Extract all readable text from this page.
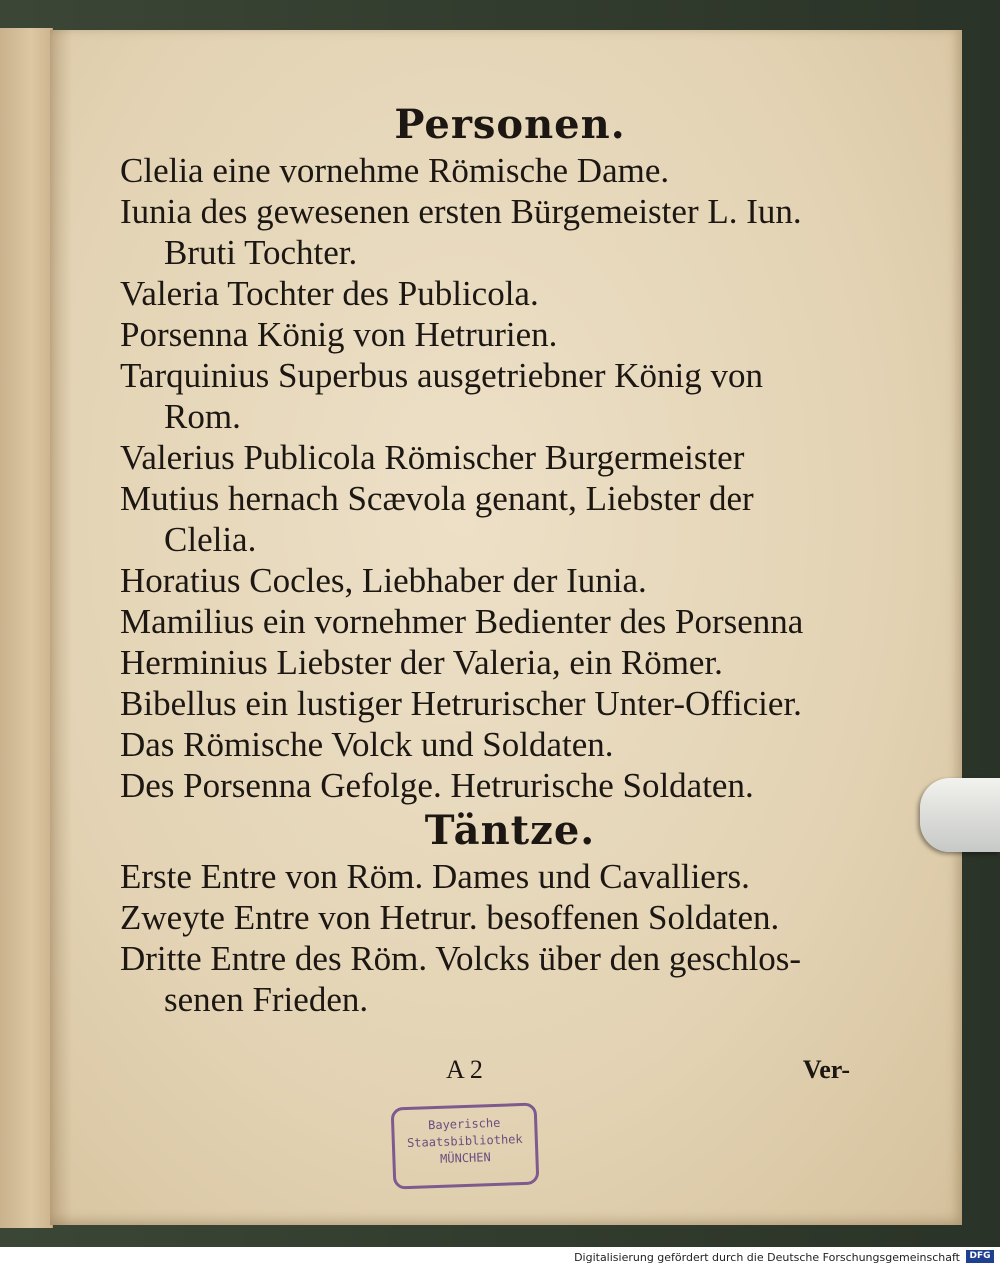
Personen.

Clelia eine vornehme Römische Dame.

Iunia des gewesenen ersten Bürgemeister L. Iun.

Bruti Tochter.

Valeria Tochter des Publicola.

Porsenna König von Hetrurien.

Tarquinius Superbus ausgetriebner König von

Rom.

Valerius Publicola Römischer Burgermeister

Mutius hernach Scævola genant, Liebster der

Clelia.

Horatius Cocles, Liebhaber der Iunia.

Mamilius ein vornehmer Bedienter des Porsenna

Herminius Liebster der Valeria, ein Römer.

Bibellus ein lustiger Hetrurischer Unter-Officier.

Das Römische Volck und Soldaten.

Des Porsenna Gefolge. Hetrurische Soldaten.

Täntze.

Erste Entre von Röm. Dames und Cavalliers.

Zweyte Entre von Hetrur. besoffenen Soldaten.

Dritte Entre des Röm. Volcks über den geschlos-

senen Frieden.

A 2	Ver-
Bayerische
Staatsbibliothek
MÜNCHEN
Digitalisierung gefördert durch die Deutsche Forschungsgemeinschaft	DFG
